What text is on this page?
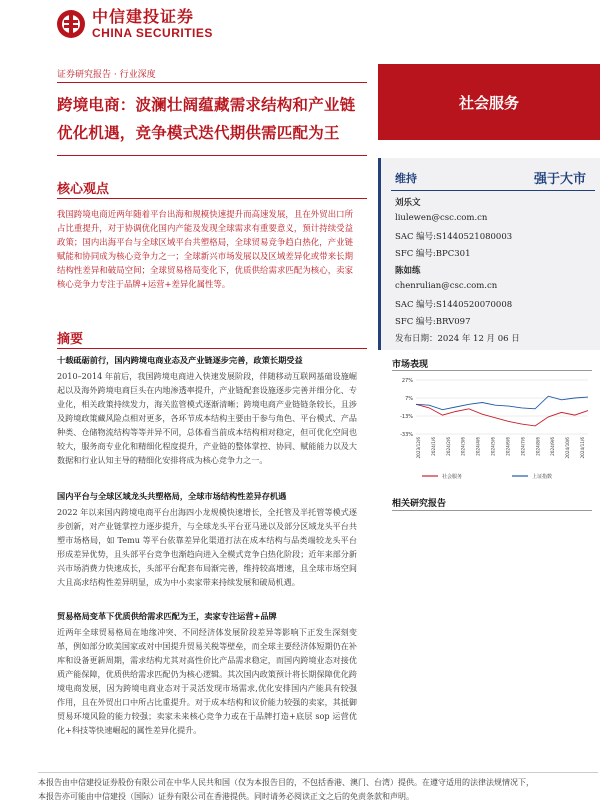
中信建投证券
CHINA SECURITIES
证券研究报告 · 行业深度
跨境电商：波澜壮阔蕴藏需求结构和产业链
优化机遇，竞争模式迭代期供需匹配为王
社会服务
维持	强于大市
刘乐文
liulewen@csc.com.cn
SAC 编号:S1440521080003
SFC 编号:BPC301
陈如练
chenrulian@csc.com.cn
SAC 编号:S1440520070008
SFC 编号:BRV097
发布日期：2024 年 12 月 06 日
核心观点
我国跨境电商近两年随着平台出海和规模快速提升而高速发展，且在外贸出口所占比重提升，对于协调优化国内产能及发现全球需求有重要意义，预计持续受益政策；国内出海平台与全球区域平台共塑格局，全球贸易竞争趋白热化，产业链赋能和协同成为核心竞争力之一；全球新兴市场发展以及区域差异化或带来长期结构性差异和破局空间；全球贸易格局变化下，优质供给需求匹配为核心，卖家核心竞争力专注于品牌+运营+差异化属性等。
摘要
十载砥砺前行，国内跨境电商业态及产业链逐步完善，政策长期受益
2010–2014 年前后，我国跨境电商进入快速发展阶段，伴随移动互联网基础设施崛起以及海外跨境电商巨头在内地渗透率提升，产业链配套设施逐步完善并细分化、专业化，相关政策持续发力，海关监管模式逐渐清晰；跨境电商产业链链条较长，且涉及跨境政策藏风险点相对更多，各环节成本结构主要由于参与角色、平台模式、产品种类、仓储物流结构等等并异不同，总体看当前成本结构相对稳定，但可优化空间也较大，服务商专业化和精细化程度提升，产业链的整体掌控、协同、赋能能力以及大数据和行业认知主导的精细化安排将成为核心竞争力之一。
国内平台与全球区域龙头共塑格局，全球市场结构性差异存机遇
2022 年以来国内跨境电商平台出海四小龙规模快速增长，全托管及半托管等模式逐步创新，对产业链掌控力逐步提升，与全球龙头平台亚马逊以及部分区域龙头平台共塑市场格局，如 Temu 等平台依靠差异化渠道打法在成本结构与品类端较龙头平台形成差异优势，且头部平台竞争也渐趋向进入全模式竞争白热化阶段；近年来部分新兴市场消费力快速成长，头部平台配套布局渐完善，维持较高增速，且全球市场空间大且高求结构性差异明显，成为中小卖家带来持续发展和破局机遇。
贸易格局变革下优质供给需求匹配为王，卖家专注运营+品牌
近两年全球贸易格局在地缘冲突、不同经济体发展阶段差异等影响下正发生深刻变革，例如部分欧美国家或对中国提升贸易关税等壁垒，而全球主要经济体短期仍在补库和设备更新周期，需求结构尤其对高性价比产品需求稳定，而国内跨境业态对接优质产能保障，优质供给需求匹配仍为核心逻辑。其次国内政策预计将长期保障优化跨境电商发展，因为跨境电商业态对于灵活发现市场需求,优化安排国内产能具有较强作用，且在外贸出口中所占比重提升。对于成本结构和议价能力较强的卖家，其抵御贸易环境风险的能力较强；卖家未来核心竞争力或在于品牌打造+底层 sop 运营优化+科技等快速崛起的属性差异化提升。
市场表现
27%
7%
-13%
-33%
2023/12/6 2024/1/6 2024/2/6 2024/3/6 2024/4/6 2024/5/6 2024/6/6 2024/7/6 2024/8/6 2024/9/6 2024/10/6 2024/11/6
社会服务	上证指数
相关研究报告
本报告由中信建投证券股份有限公司在中华人民共和国（仅为本报告目的，不包括香港、澳门、台湾）提供。在遵守适用的法律法规情况下，
本报告亦可能由中信建投（国际）证券有限公司在香港提供。同时请务必阅读正文之后的免责条款和声明。
